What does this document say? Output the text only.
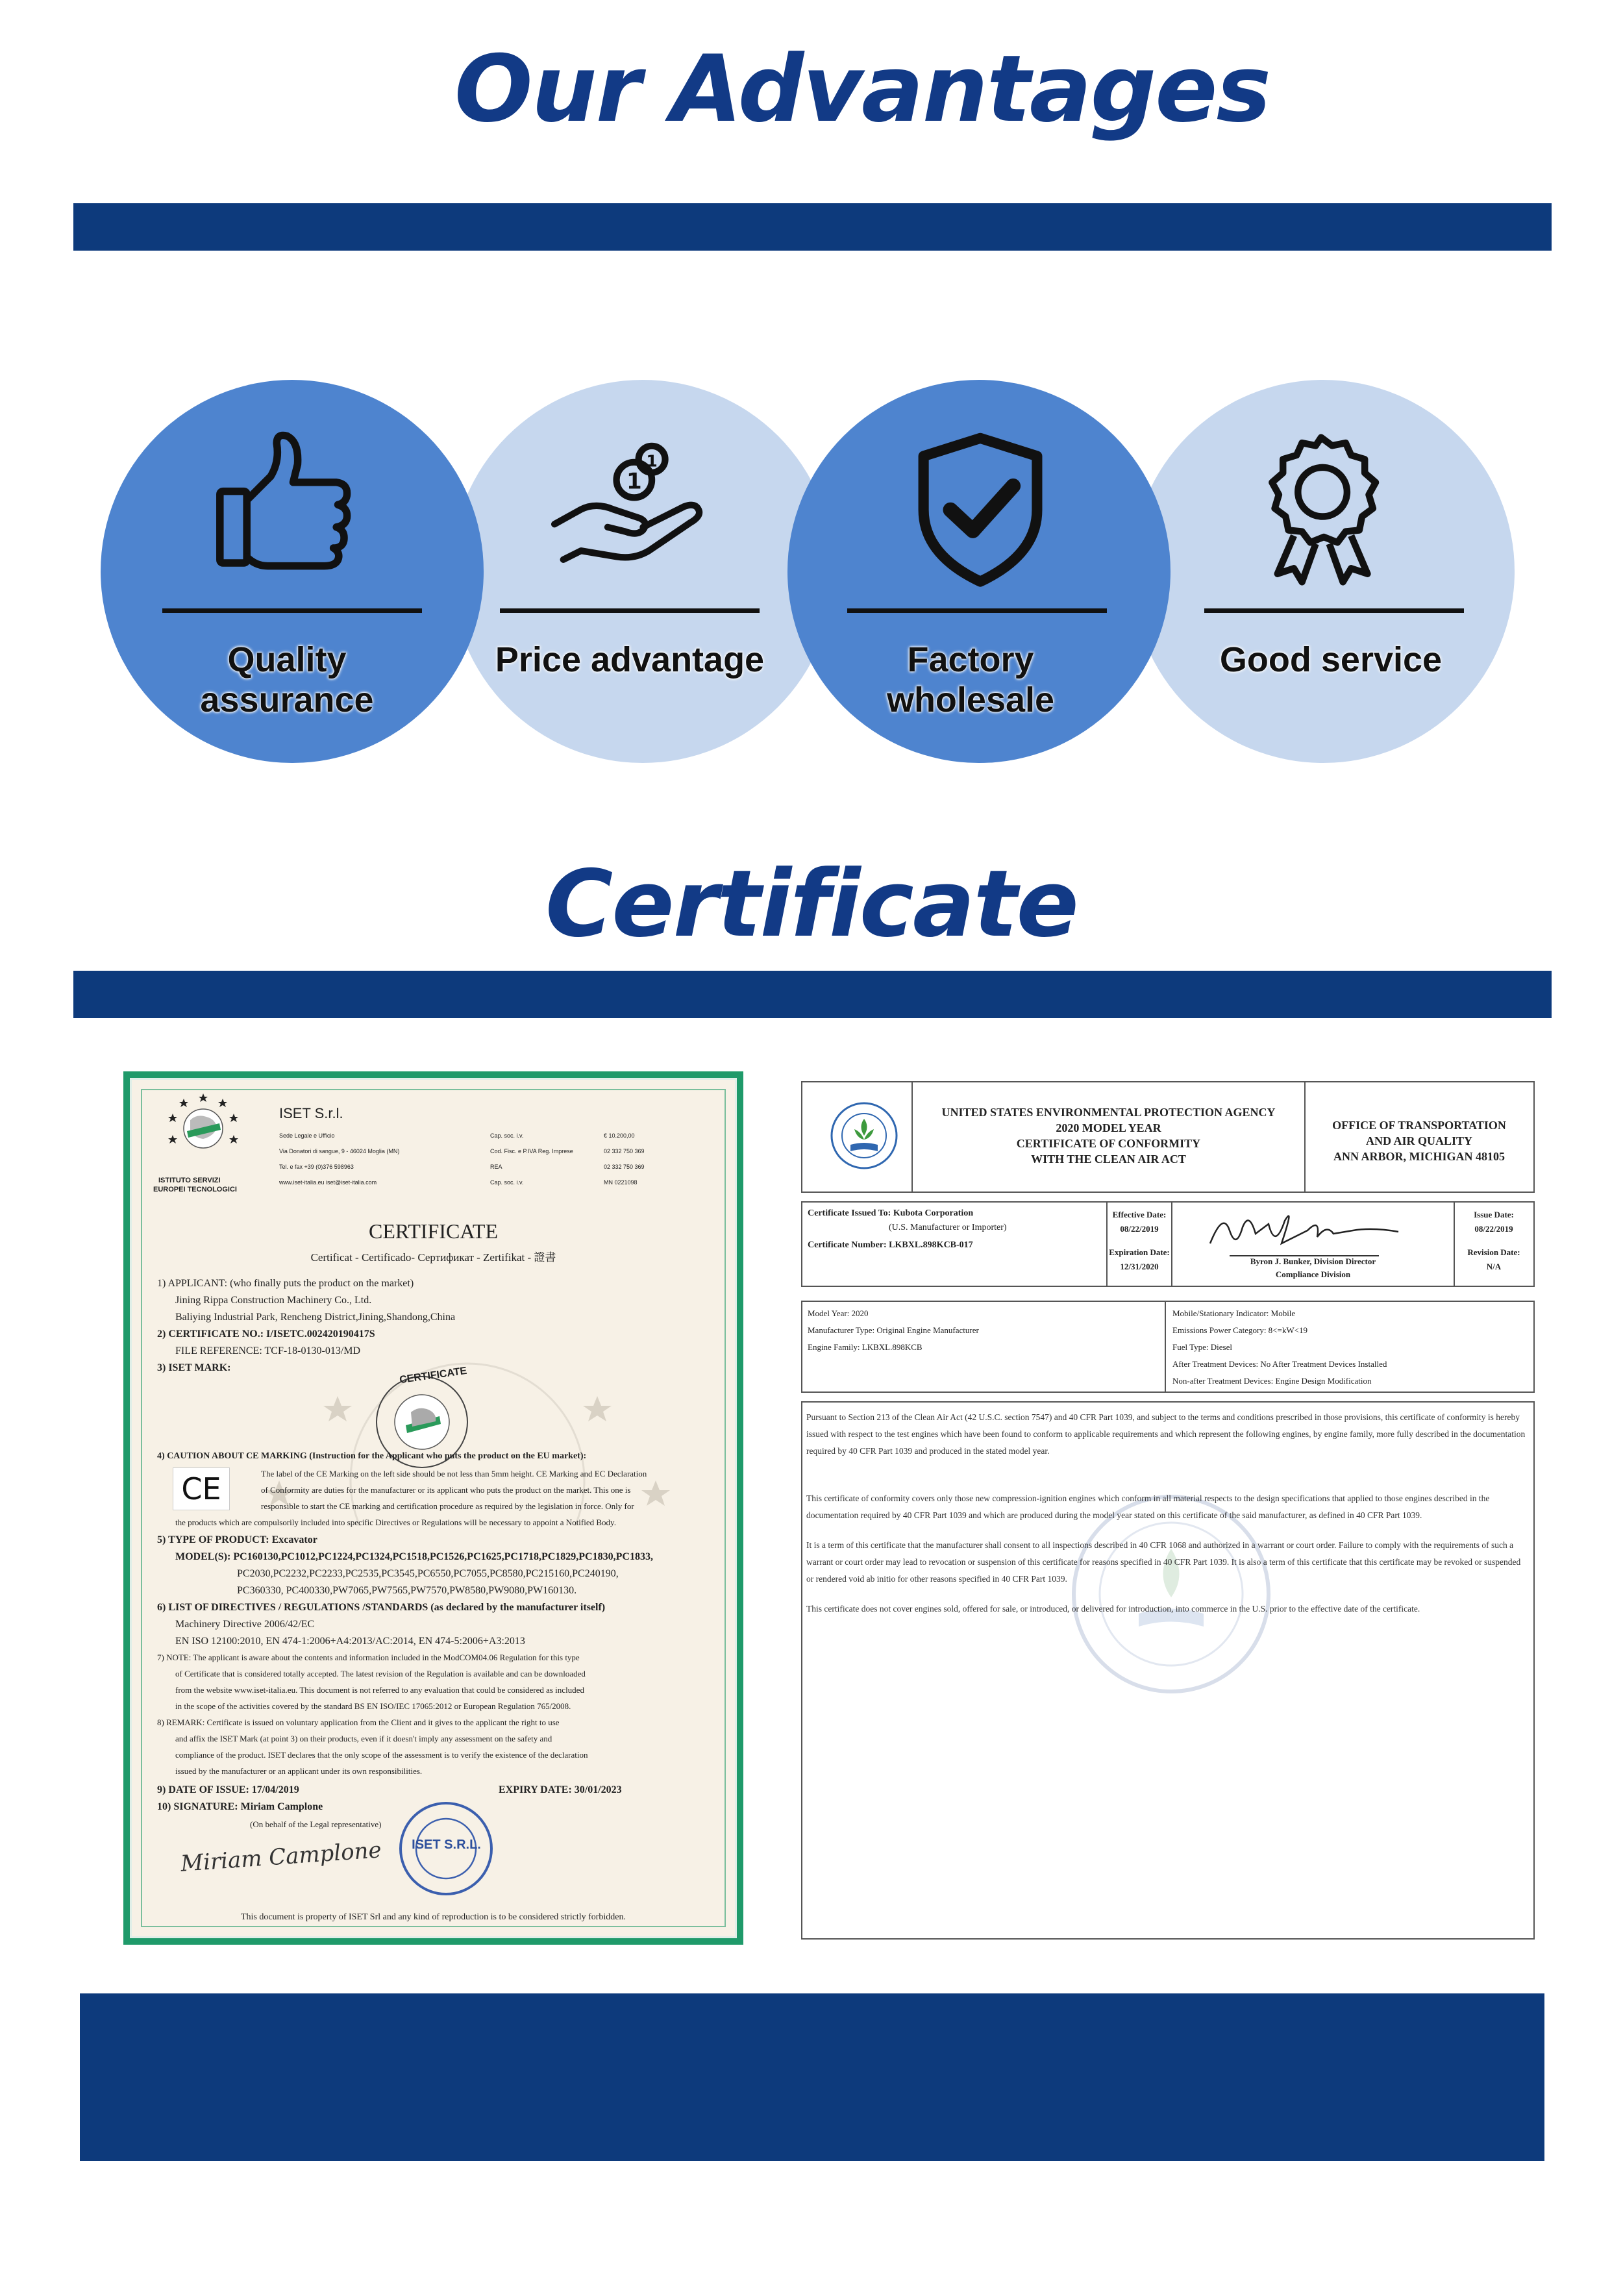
Our Advantages
1
1
Quality assurance
Price advantage	Factory wholesale
Good service
Certificate
ISTITUTO SERVIZI
EUROPEI TECNOLOGICI
ISET S.r.l.
Sede Legale e Ufficio
Via Donatori di sangue, 9 - 46024 Moglia (MN)
Tel. e fax +39 (0)376 598963
www.iset-italia.eu iset@iset-italia.com
Cap. soc. i.v.
Cod. Fisc. e P.IVA Reg. Imprese
REA
Cap. soc. i.v.
€ 10.200,00
02 332 750 369
02 332 750 369
MN 0221098
CERTIFICATE
Certificat - Certificado- Сертификат - Zertifikat - 證書
1) APPLICANT: (who finally puts the product on the market)
Jining Rippa Construction Machinery Co., Ltd.
Baliying Industrial Park, Rencheng District,Jining,Shandong,China
2) CERTIFICATE NO.: I/ISETC.002420190417S
FILE REFERENCE: TCF-18-0130-013/MD
3) ISET MARK:	CERTIFICATE
4) CAUTION ABOUT CE MARKING (Instruction for the Applicant who puts the product on the EU market):
CE	The label of the CE Marking on the left side should be not less than 5mm height. CE Marking and EC Declaration
of Conformity are duties for the manufacturer or its applicant who puts the product on the market. This one is
responsible to start the CE marking and certification procedure as required by the legislation in force. Only for
the products which are compulsorily included into specific Directives or Regulations will be necessary to appoint a Notified Body.
5) TYPE OF PRODUCT: Excavator
MODEL(S): PC160130,PC1012,PC1224,PC1324,PC1518,PC1526,PC1625,PC1718,PC1829,PC1830,PC1833,
PC2030,PC2232,PC2233,PC2535,PC3545,PC6550,PC7055,PC8580,PC215160,PC240190,
PC360330, PC400330,PW7065,PW7565,PW7570,PW8580,PW9080,PW160130.
6) LIST OF DIRECTIVES / REGULATIONS /STANDARDS (as declared by the manufacturer itself)
Machinery Directive 2006/42/EC
EN ISO 12100:2010, EN 474-1:2006+A4:2013/AC:2014, EN 474-5:2006+A3:2013
7) NOTE: The applicant is aware about the contents and information included in the ModCOM04.06 Regulation for this type
of Certificate that is considered totally accepted. The latest revision of the Regulation is available and can be downloaded
from the website www.iset-italia.eu. This document is not referred to any evaluation that could be considered as included
in the scope of the activities covered by the standard BS EN ISO/IEC 17065:2012 or European Regulation 765/2008.
8) REMARK: Certificate is issued on voluntary application from the Client and it gives to the applicant the right to use
and affix the ISET Mark (at point 3) on their products, even if it doesn't imply any assessment on the safety and
compliance of the product. ISET declares that the only scope of the assessment is to verify the existence of the declaration
issued by the manufacturer or an applicant under its own responsibilities.
9) DATE OF ISSUE: 17/04/2019	EXPIRY DATE: 30/01/2023
10) SIGNATURE: Miriam Camplone
(On behalf of the Legal representative)
Miriam Camplone ISET S.R.L.
This document is property of ISET Srl and any kind of reproduction is to be considered strictly forbidden.
UNITED STATES ENVIRONMENTAL PROTECTION AGENCY
2020 MODEL YEAR
CERTIFICATE OF CONFORMITY
WITH THE CLEAN AIR ACT
OFFICE OF TRANSPORTATION
AND AIR QUALITY
ANN ARBOR, MICHIGAN 48105
Certificate Issued To: Kubota Corporation
(U.S. Manufacturer or Importer)
Certificate Number: LKBXL.898KCB-017
Effective Date:
08/22/2019
Expiration Date:
12/31/2020
Byron J. Bunker, Division Director
Compliance Division
Issue Date:
08/22/2019
Revision Date:
N/A
Model Year: 2020
Manufacturer Type: Original Engine Manufacturer
Engine Family: LKBXL.898KCB
Mobile/Stationary Indicator: Mobile
Emissions Power Category: 8<=kW<19
Fuel Type: Diesel
After Treatment Devices: No After Treatment Devices Installed
Non-after Treatment Devices: Engine Design Modification
Pursuant to Section 213 of the Clean Air Act (42 U.S.C. section 7547) and 40 CFR Part 1039, and subject to the terms and conditions prescribed in those provisions, this certificate of conformity is hereby issued with respect to the test engines which have been found to conform to applicable requirements and which represent the following engines, by engine family, more fully described in the documentation required by 40 CFR Part 1039 and produced in the stated model year.
This certificate of conformity covers only those new compression-ignition engines which conform in all material respects to the design specifications that applied to those engines described in the documentation required by 40 CFR Part 1039 and which are produced during the model year stated on this certificate of the said manufacturer, as defined in 40 CFR Part 1039.
It is a term of this certificate that the manufacturer shall consent to all inspections described in 40 CFR 1068 and authorized in a warrant or court order. Failure to comply with the requirements of such a warrant or court order may lead to revocation or suspension of this certificate for reasons specified in 40 CFR Part 1039. It is also a term of this certificate that this certificate may be revoked or suspended or rendered void ab initio for other reasons specified in 40 CFR Part 1039.
This certificate does not cover engines sold, offered for sale, or introduced, or delivered for introduction, into commerce in the U.S. prior to the effective date of the certificate.
